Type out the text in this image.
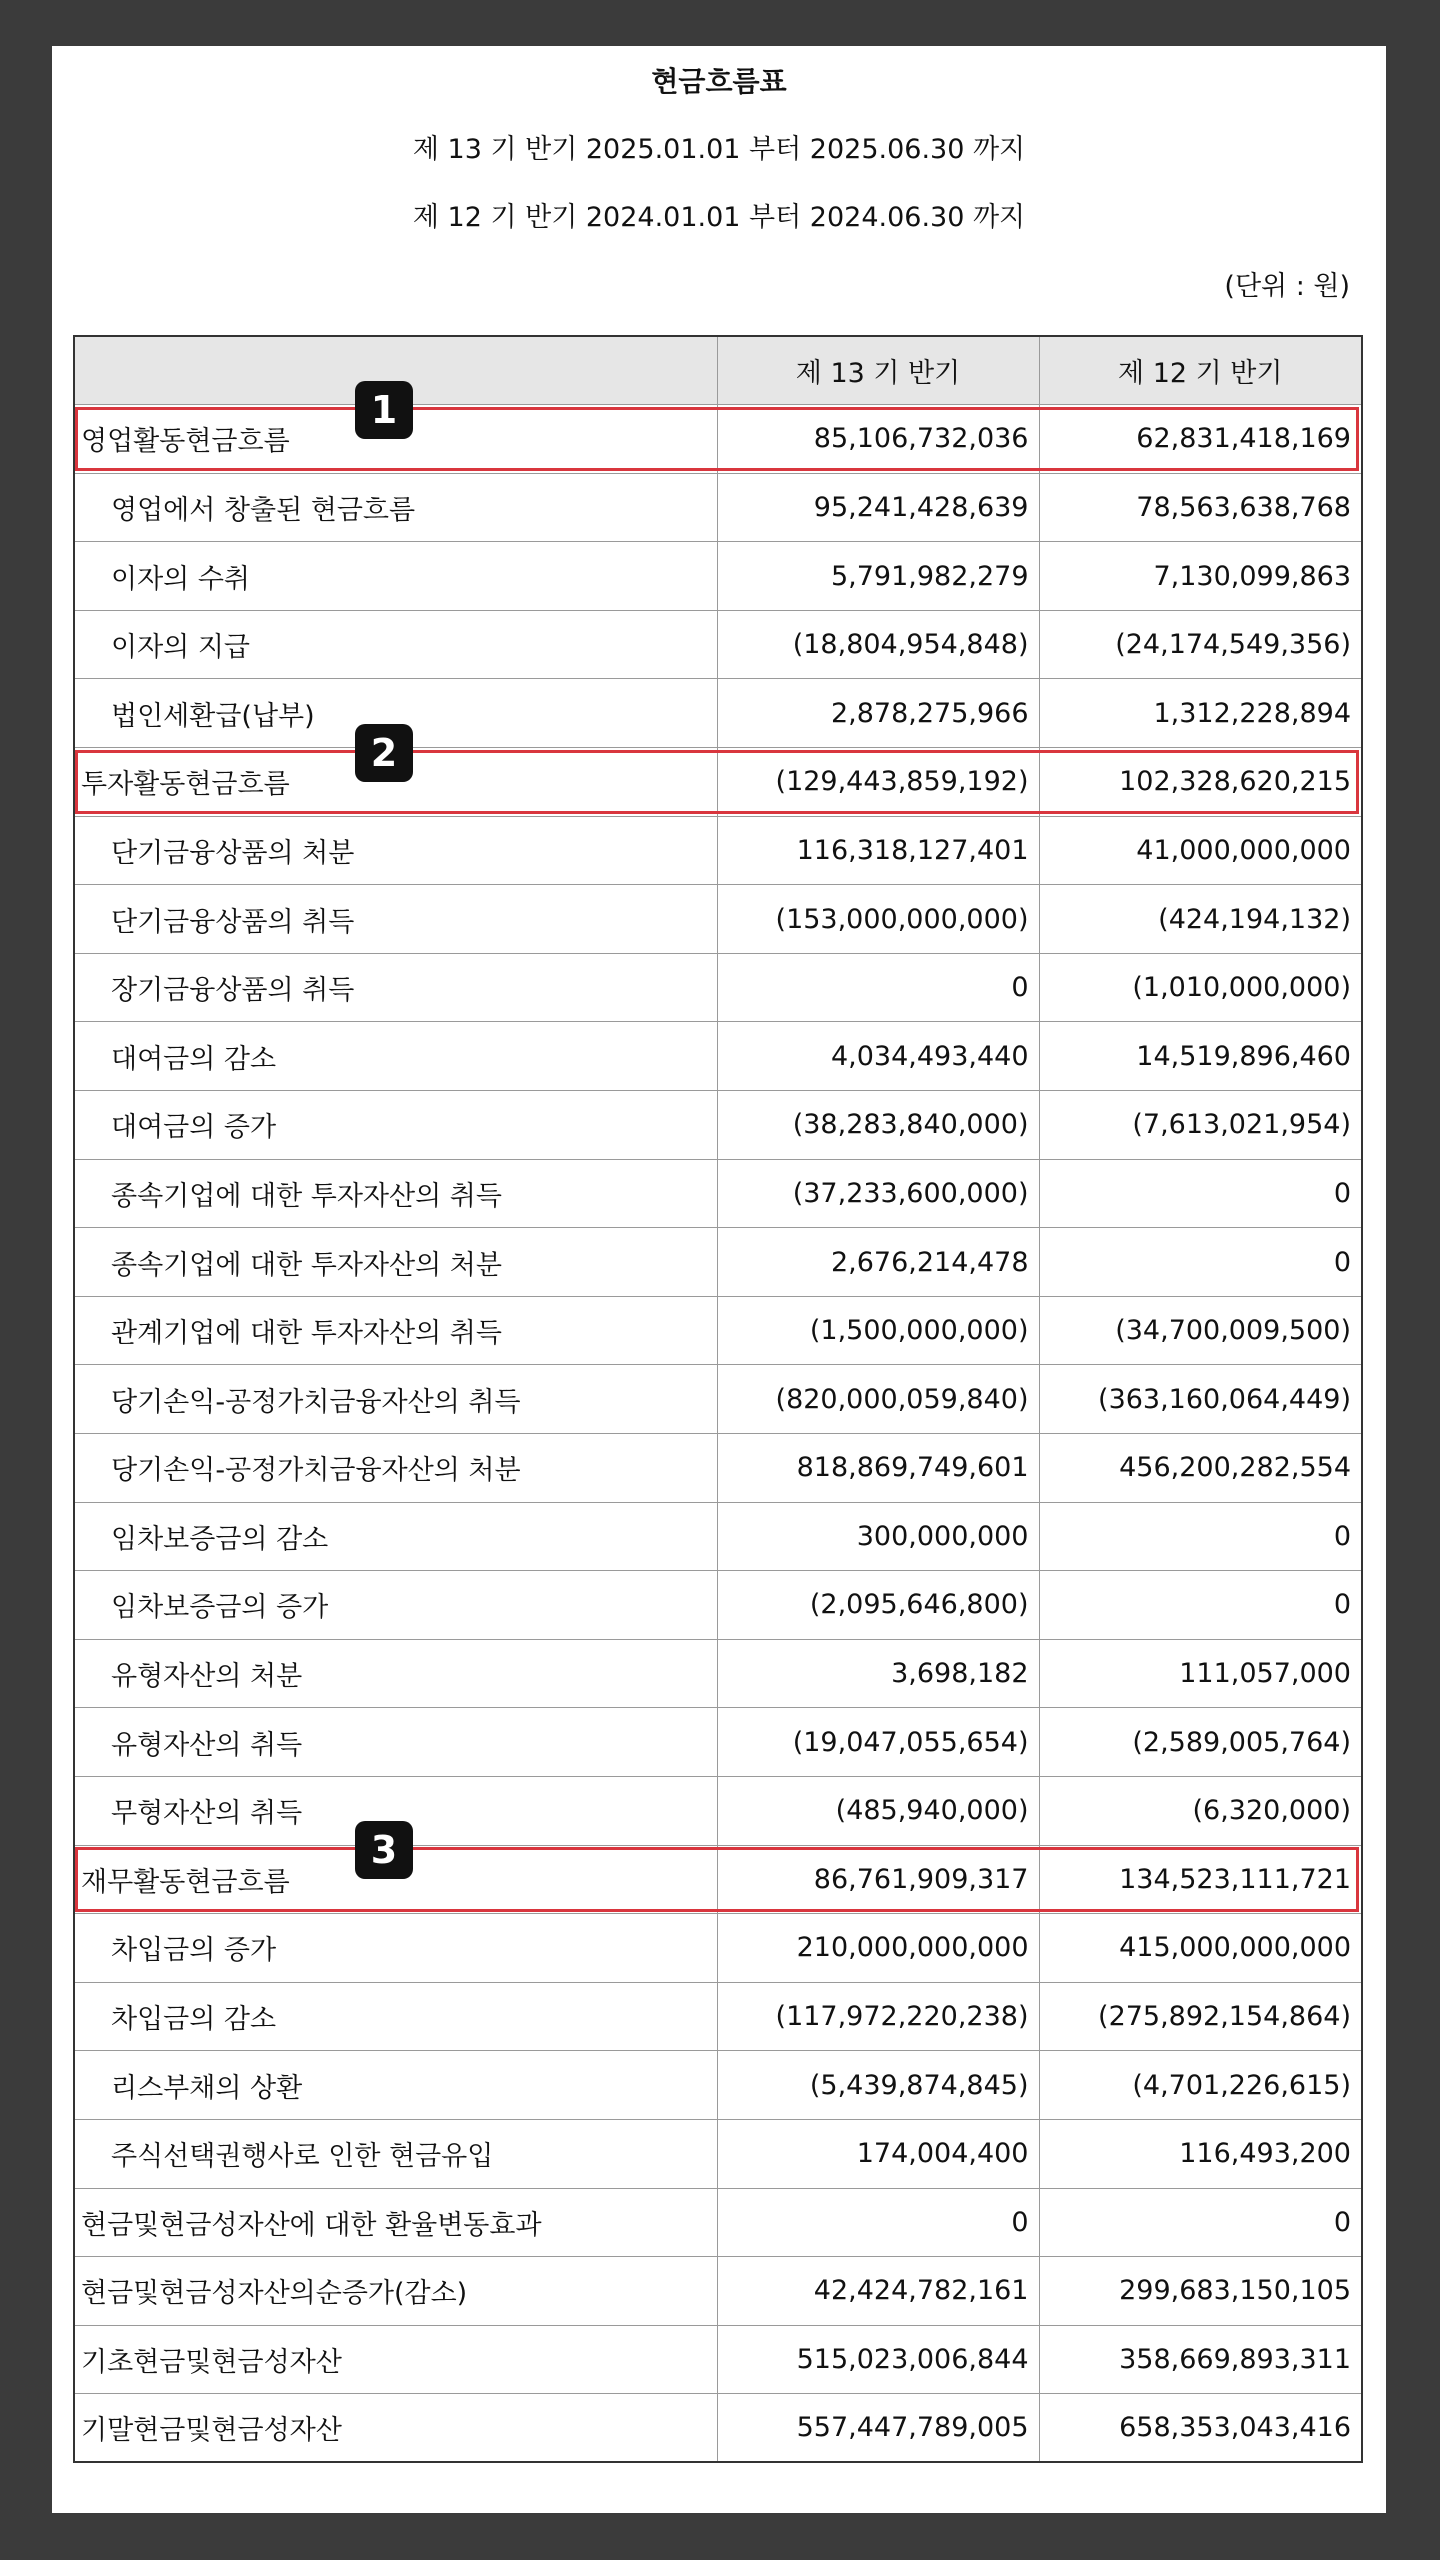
현금흐름표
제 13 기 반기 2025.01.01 부터 2025.06.30 까지
제 12 기 반기 2024.01.01 부터 2024.06.30 까지
(단위 : 원)
	제 13 기 반기	제 12 기 반기
영업활동현금흐름	85,106,732,036	62,831,418,169
영업에서 창출된 현금흐름	95,241,428,639	78,563,638,768
이자의 수취	5,791,982,279	7,130,099,863
이자의 지급	(18,804,954,848)	(24,174,549,356)
법인세환급(납부)	2,878,275,966	1,312,228,894
투자활동현금흐름	(129,443,859,192)	102,328,620,215
단기금융상품의 처분	116,318,127,401	41,000,000,000
단기금융상품의 취득	(153,000,000,000)	(424,194,132)
장기금융상품의 취득	0	(1,010,000,000)
대여금의 감소	4,034,493,440	14,519,896,460
대여금의 증가	(38,283,840,000)	(7,613,021,954)
종속기업에 대한 투자자산의 취득	(37,233,600,000)	0
종속기업에 대한 투자자산의 처분	2,676,214,478	0
관계기업에 대한 투자자산의 취득	(1,500,000,000)	(34,700,009,500)
당기손익-공정가치금융자산의 취득	(820,000,059,840)	(363,160,064,449)
당기손익-공정가치금융자산의 처분	818,869,749,601	456,200,282,554
임차보증금의 감소	300,000,000	0
임차보증금의 증가	(2,095,646,800)	0
유형자산의 처분	3,698,182	111,057,000
유형자산의 취득	(19,047,055,654)	(2,589,005,764)
무형자산의 취득	(485,940,000)	(6,320,000)
재무활동현금흐름	86,761,909,317	134,523,111,721
차입금의 증가	210,000,000,000	415,000,000,000
차입금의 감소	(117,972,220,238)	(275,892,154,864)
리스부채의 상환	(5,439,874,845)	(4,701,226,615)
주식선택권행사로 인한 현금유입	174,004,400	116,493,200
현금및현금성자산에 대한 환율변동효과	0	0
현금및현금성자산의순증가(감소)	42,424,782,161	299,683,150,105
기초현금및현금성자산	515,023,006,844	358,669,893,311
기말현금및현금성자산	557,447,789,005	658,353,043,416
1
2
3
